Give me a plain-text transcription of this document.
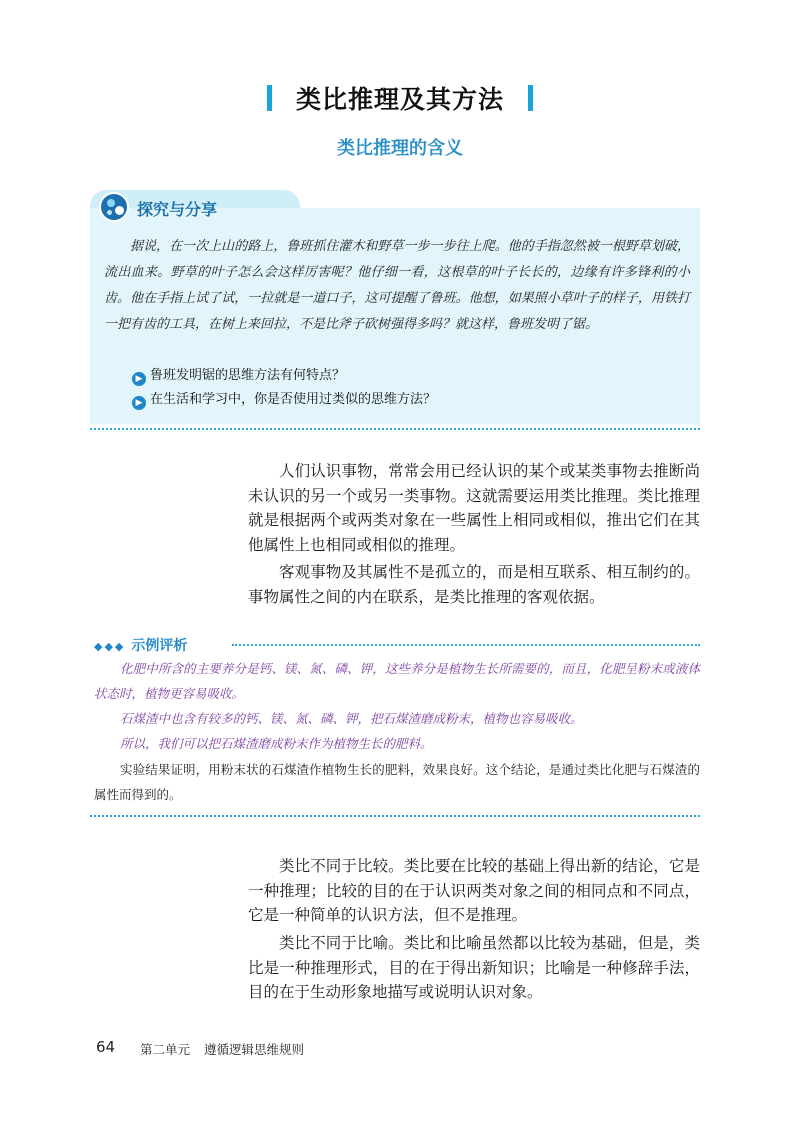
类比推理及其方法
类比推理的含义
探究与分享
据说，在一次上山的路上，鲁班抓住灌木和野草一步一步往上爬。他的手指忽然被一根野草划破，流出血来。野草的叶子怎么会这样厉害呢？他仔细一看，这根草的叶子长长的，边缘有许多锋利的小齿。他在手指上试了试，一拉就是一道口子，这可提醒了鲁班。他想，如果照小草叶子的样子，用铁打一把有齿的工具，在树上来回拉，不是比斧子砍树强得多吗？就这样，鲁班发明了锯。
▶ 鲁班发明锯的思维方法有何特点？
▶ 在生活和学习中，你是否使用过类似的思维方法？
人们认识事物，常常会用已经认识的某个或某类事物去推断尚未认识的另一个或另一类事物。这就需要运用类比推理。类比推理就是根据两个或两类对象在一些属性上相同或相似，推出它们在其他属性上也相同或相似的推理。
客观事物及其属性不是孤立的，而是相互联系、相互制约的。事物属性之间的内在联系，是类比推理的客观依据。
◆◆◆ 示例评析
化肥中所含的主要养分是钙、镁、氮、磷、钾，这些养分是植物生长所需要的，而且，化肥呈粉末或液体状态时，植物更容易吸收。
石煤渣中也含有较多的钙、镁、氮、磷、钾，把石煤渣磨成粉末，植物也容易吸收。
所以，我们可以把石煤渣磨成粉末作为植物生长的肥料。
实验结果证明，用粉末状的石煤渣作植物生长的肥料，效果良好。这个结论，是通过类比化肥与石煤渣的属性而得到的。
类比不同于比较。类比要在比较的基础上得出新的结论，它是一种推理；比较的目的在于认识两类对象之间的相同点和不同点，它是一种简单的认识方法，但不是推理。
类比不同于比喻。类比和比喻虽然都以比较为基础，但是，类比是一种推理形式，目的在于得出新知识；比喻是一种修辞手法，目的在于生动形象地描写或说明认识对象。
64 第二单元 遵循逻辑思维规则
